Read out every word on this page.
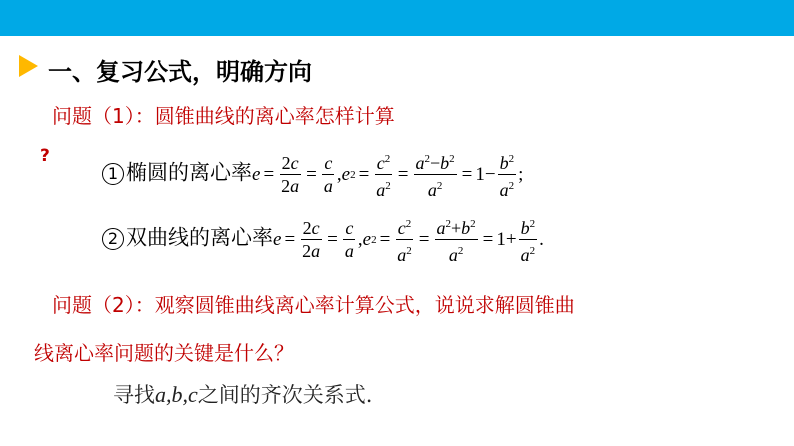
一、复习公式，明确方向
问题（1）：圆锥曲线的离心率怎样计算
?
1 椭圆的离心率 $e = \frac{2c}{2a} = \frac{c}{a}$ , e $2 = \frac{c^2}{a^2} = \frac{a^2-b^2}{a^2} = 1- \frac{b^2}{a^2}$ ;
2 双曲线的离心率 $e = \frac{2c}{2a} = \frac{c}{a}$ , e $2 = \frac{c^2}{a^2} = \frac{a^2+b^2}{a^2} = 1+ \frac{b^2}{a^2}$ .
问题（2）：观察圆锥曲线离心率计算公式，说说求解圆锥曲
线离心率问题的关键是什么？
寻找a,b,c之间的齐次关系式.
